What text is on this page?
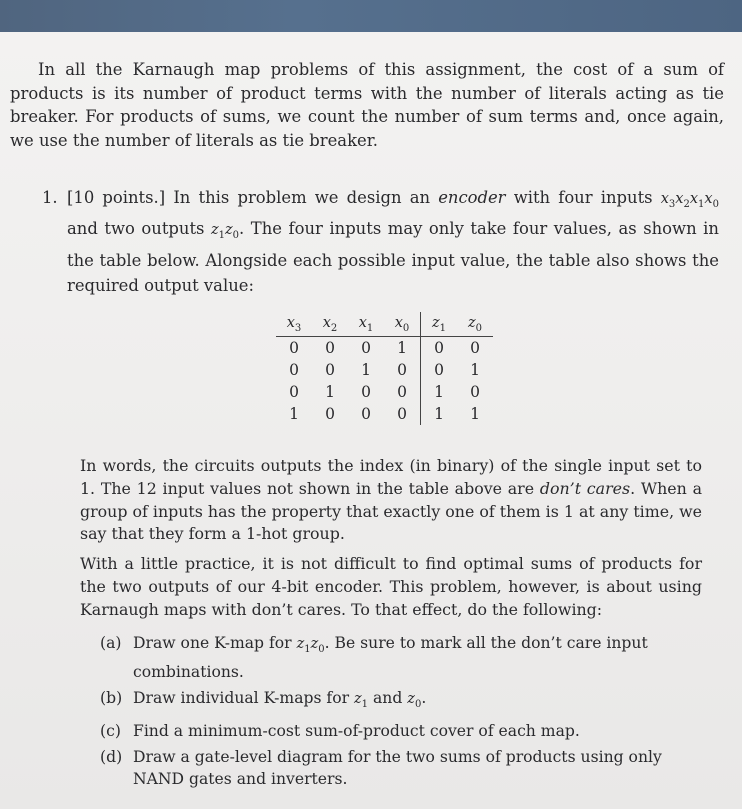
In all the Karnaugh map problems of this assignment, the cost of a sum of products is its number of product terms with the number of literals acting as tie breaker. For products of sums, we count the number of sum terms and, once again, we use the number of literals as tie breaker.

1. [10 points.] In this problem we design an encoder with four inputs $x_3x_2x_1x_0$ and two outputs $z_1z_0$. The four inputs may only take four values, as shown in the table below. Alongside each possible input value, the table also shows the required output value:

$x_3$	$x_2$	$x_1$	$x_0$	$z_1$	$z_0$
0	0	0	1	0	0
0	0	1	0	0	1
0	1	0	0	1	0
1	0	0	0	1	1

In words, the circuits outputs the index (in binary) of the single input set to 1. The 12 input values not shown in the table above are don’t cares. When a group of inputs has the property that exactly one of them is 1 at any time, we say that they form a 1-hot group.

With a little practice, it is not difficult to find optimal sums of products for the two outputs of our 4-bit encoder. This problem, however, is about using Karnaugh maps with don’t cares. To that effect, do the following:

(a) Draw one K-map for $z_1z_0$. Be sure to mark all the don’t care input combinations.
(b) Draw individual K-maps for $z_1$ and $z_0$.
(c) Find a minimum-cost sum-of-product cover of each map.
(d) Draw a gate-level diagram for the two sums of products using only NAND gates and inverters.
